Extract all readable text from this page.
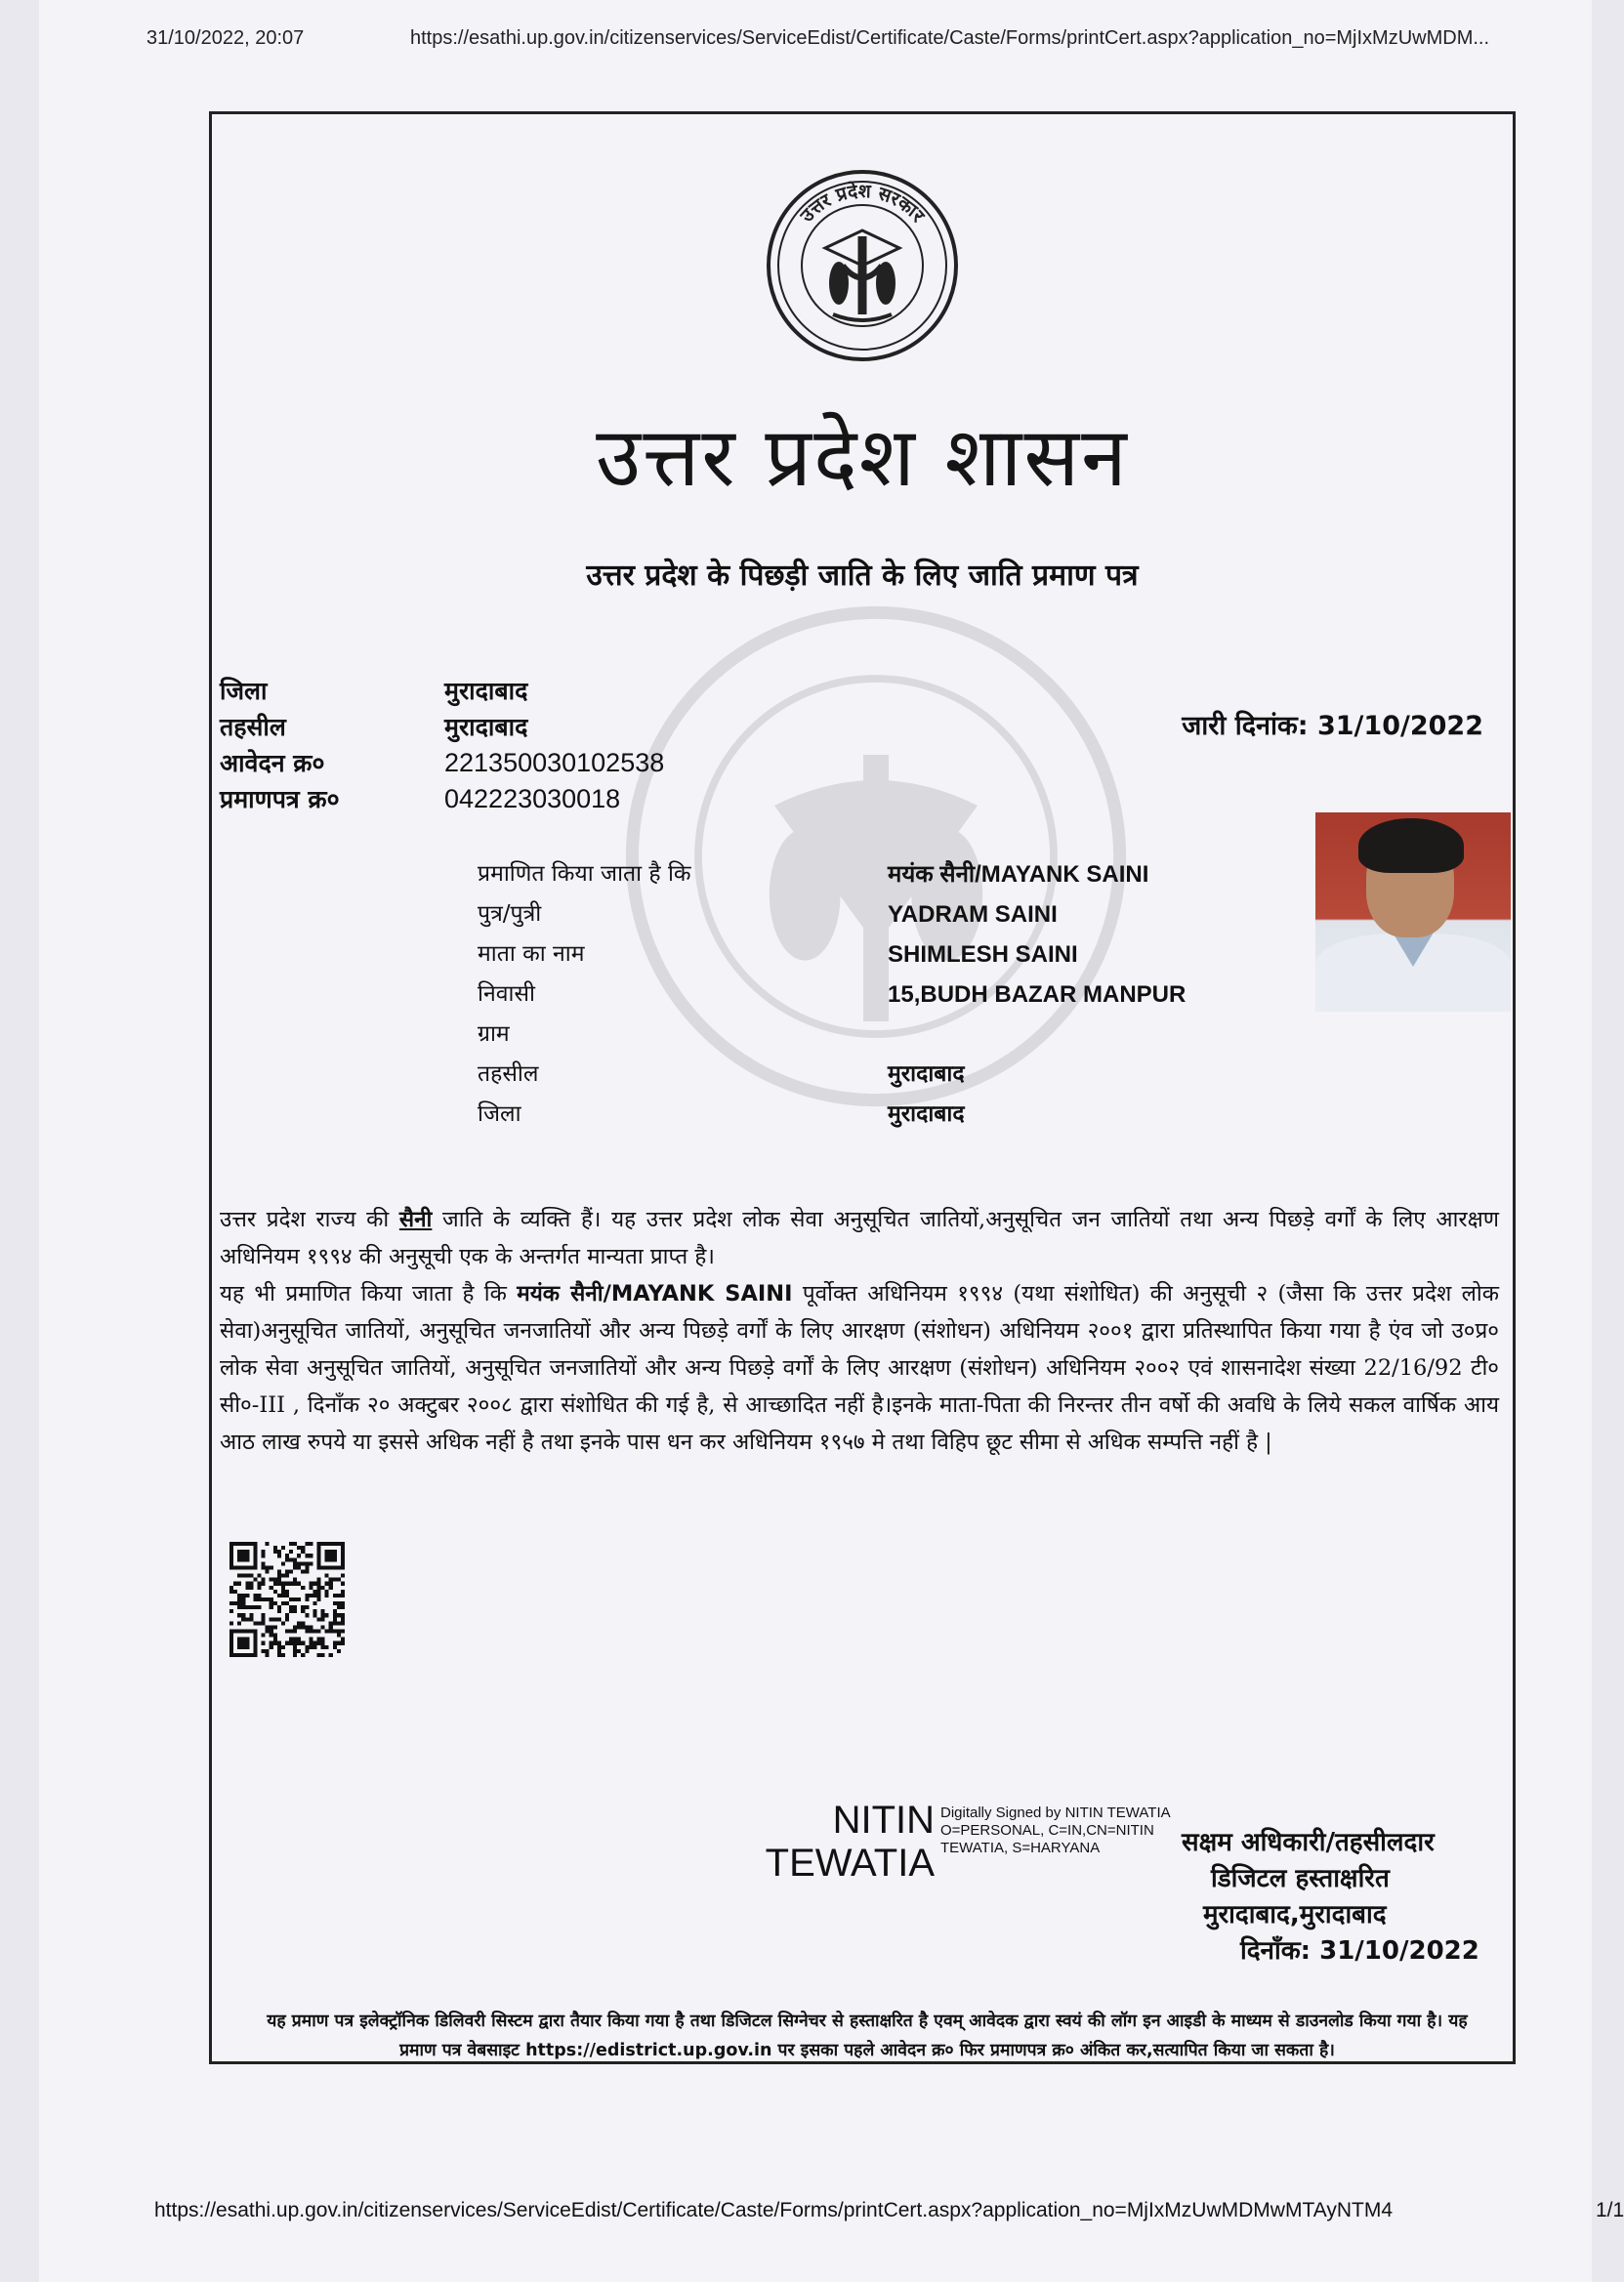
31/10/2022, 20:07	https://esathi.up.gov.in/citizenservices/ServiceEdist/Certificate/Caste/Forms/printCert.aspx?application_no=MjIxMzUwMDM...
उत्तर प्रदेश सरकार
उत्तर प्रदेश शासन
उत्तर प्रदेश के पिछड़ी जाति के लिए जाति प्रमाण पत्र
जिला	मुरादाबाद
तहसील	मुरादाबाद
आवेदन क्र०	221350030102538
प्रमाणपत्र क्र०	042223030018
जारी दिनांक: 31/10/2022
प्रमाणित किया जाता है कि	मयंक सैनी/MAYANK SAINI
पुत्र/पुत्री	YADRAM SAINI
माता का नाम	SHIMLESH SAINI
निवासी	15,BUDH BAZAR MANPUR
ग्राम
तहसील	मुरादाबाद
जिला	मुरादाबाद

उत्तर प्रदेश राज्य की सैनी जाति के व्यक्ति हैं। यह उत्तर प्रदेश लोक सेवा अनुसूचित जातियों,अनुसूचित जन जातियों तथा अन्य पिछड़े वर्गों के लिए आरक्षण अधिनियम १९९४ की अनुसूची एक के अन्तर्गत मान्यता प्राप्त है।

यह भी प्रमाणित किया जाता है कि मयंक सैनी/MAYANK SAINI पूर्वोक्त अधिनियम १९९४ (यथा संशोधित) की अनुसूची २ (जैसा कि उत्तर प्रदेश लोक सेवा)अनुसूचित जातियों, अनुसूचित जनजातियों और अन्य पिछड़े वर्गों के लिए आरक्षण (संशोधन) अधिनियम २००१ द्वारा प्रतिस्थापित किया गया है एंव जो उ०प्र० लोक सेवा अनुसूचित जातियों, अनुसूचित जनजातियों और अन्य पिछड़े वर्गों के लिए आरक्षण (संशोधन) अधिनियम २००२ एवं शासनादेश संख्या 22/16/92 टी० सी०-III , दिनाँक २० अक्टुबर २००८ द्वारा संशोधित की गई है, से आच्छादित नहीं है।इनके माता-पिता की निरन्तर तीन वर्षो की अवधि के लिये सकल वार्षिक आय आठ लाख रुपये या इससे अधिक नहीं है तथा इनके पास धन कर अधिनियम १९५७ मे तथा विहिप छूट सीमा से अधिक सम्पत्ति नहीं है |

NITIN
TEWATIA
Digitally Signed by NITIN TEWATIA O=PERSONAL, C=IN,CN=NITIN TEWATIA, S=HARYANA	सक्षम अधिकारी/तहसीलदार
डिजिटल हस्ताक्षरित
मुरादाबाद,मुरादाबाद
दिनाँक: 31/10/2022
यह प्रमाण पत्र इलेक्ट्रॉनिक डिलिवरी सिस्टम द्वारा तैयार किया गया है तथा डिजिटल सिग्नेचर से हस्ताक्षरित है एवम् आवेदक द्वारा स्वयं की लॉग इन आइडी के माध्यम से डाउनलोड किया गया है। यह प्रमाण पत्र वेबसाइट https://edistrict.up.gov.in पर इसका पहले आवेदन क्र० फिर प्रमाणपत्र क्र० अंकित कर,सत्यापित किया जा सकता है।
https://esathi.up.gov.in/citizenservices/ServiceEdist/Certificate/Caste/Forms/printCert.aspx?application_no=MjIxMzUwMDMwMTAyNTM4	1/1
